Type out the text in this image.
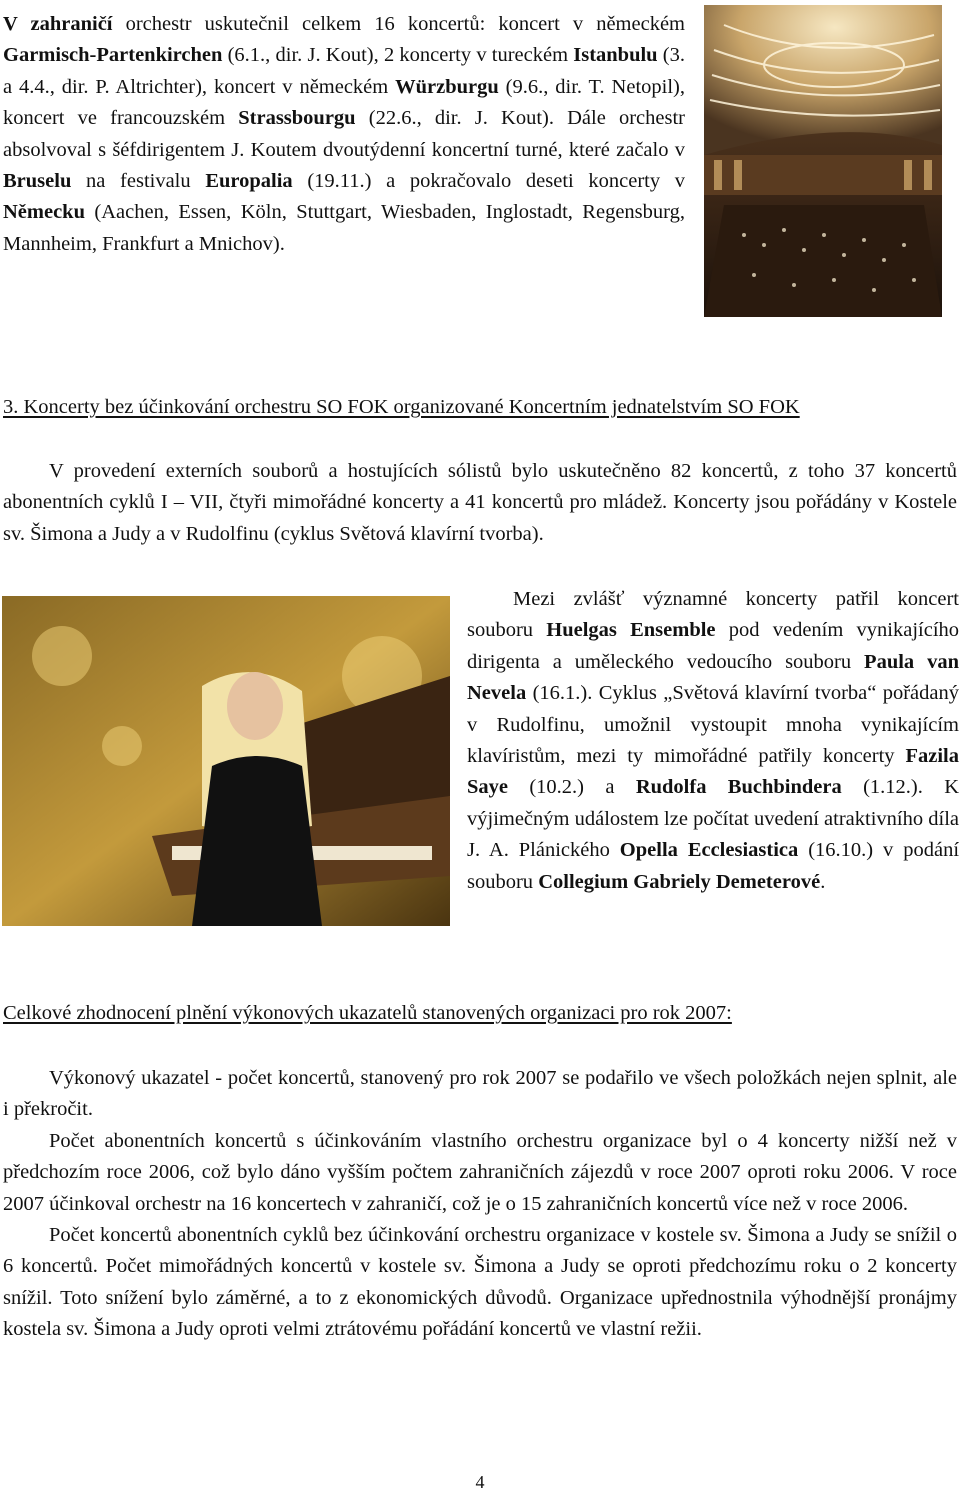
V zahraničí orchestr uskutečnil celkem 16 koncertů: koncert v německém Garmisch-Partenkirchen (6.1., dir. J. Kout), 2 koncerty v tureckém Istanbulu (3. a 4.4., dir. P. Altrichter), koncert v německém Würzburgu (9.6., dir. T. Netopil), koncert ve francouzském Strassbourgu (22.6., dir. J. Kout). Dále orchestr absolvoval s šéfdirigentem J. Koutem dvoutýdenní koncertní turné, které začalo v Bruselu na festivalu Europalia (19.11.) a pokračovalo deseti koncerty v Německu (Aachen, Essen, Köln, Stuttgart, Wiesbaden, Inglostadt, Regensburg, Mannheim, Frankfurt a Mnichov).
3. Koncerty bez účinkování orchestru SO FOK organizované Koncertním jednatelstvím SO FOK

V provedení externích souborů a hostujících sólistů bylo uskutečněno 82 koncertů, z toho 37 koncertů abonentních cyklů I – VII, čtyři mimořádné koncerty a 41 koncertů pro mládež. Koncerty jsou pořádány v Kostele sv. Šimona a Judy a v Rudolfinu (cyklus Světová klavírní tvorba).

Mezi zvlášť významné koncerty patřil koncert souboru Huelgas Ensemble pod vedením vynikajícího dirigenta a uměleckého vedoucího souboru Paula van Nevela (16.1.). Cyklus „Světová klavírní tvorba“ pořádaný v Rudolfinu, umožnil vystoupit mnoha vynikajícím klavíristům, mezi ty mimořádné patřily koncerty Fazila Saye (10.2.) a Rudolfa Buchbindera (1.12.). K výjimečným událostem lze počítat uvedení atraktivního díla J. A. Plánického Opella Ecclesiastica (16.10.) v podání souboru Collegium Gabriely Demeterové.

Celkové zhodnocení plnění výkonových ukazatelů stanovených organizaci pro rok 2007:

Výkonový ukazatel - počet koncertů, stanovený pro rok 2007 se podařilo ve všech položkách nejen splnit, ale i překročit.

Počet abonentních koncertů s účinkováním vlastního orchestru organizace byl o 4 koncerty nižší než v předchozím roce 2006, což bylo dáno vyšším počtem zahraničních zájezdů v roce 2007 oproti roku 2006. V roce 2007 účinkoval orchestr na 16 koncertech v zahraničí, což je o 15 zahraničních koncertů více než v roce 2006.

Počet koncertů abonentních cyklů bez účinkování orchestru organizace v kostele sv. Šimona a Judy se snížil o 6 koncertů. Počet mimořádných koncertů v kostele sv. Šimona a Judy se oproti předchozímu roku o 2 koncerty snížil. Toto snížení bylo záměrné, a to z ekonomických důvodů. Organizace upřednostnila výhodnější pronájmy kostela sv. Šimona a Judy oproti velmi ztrátovému pořádání koncertů ve vlastní režii.

4
